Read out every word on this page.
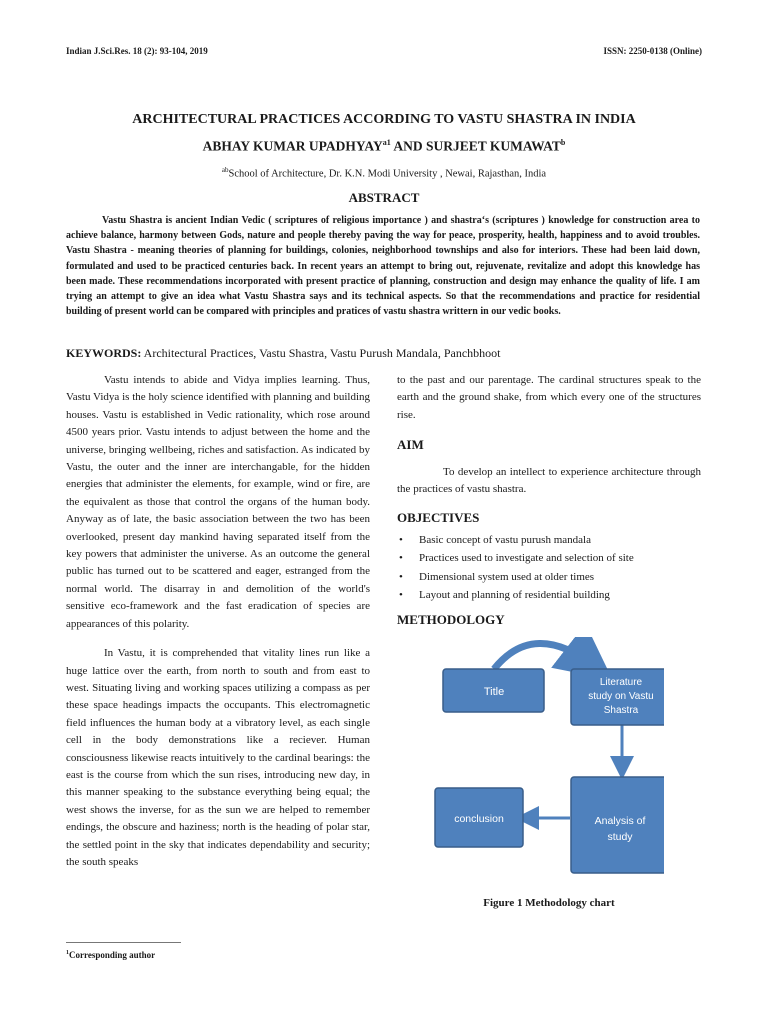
Indian J.Sci.Res. 18 (2): 93-104, 2019	ISSN: 2250-0138 (Online)
ARCHITECTURAL PRACTICES ACCORDING TO VASTU SHASTRA IN INDIA
ABHAY KUMAR $UPADHYAY^{a1}$ AND SURJEET KUMAWAT$^b$
$^{ab}$School of Architecture, Dr. K.N. Modi University , Newai, Rajasthan, India
ABSTRACT

Vastu Shastra is ancient Indian Vedic ( scriptures of religious importance ) and shastra‘s (scriptures ) knowledge for construction area to achieve balance, harmony between Gods, nature and people thereby paving the way for peace, prosperity, health, happiness and to avoid troubles. Vastu Shastra - meaning theories of planning for buildings, colonies, neighborhood townships and also for interiors. These had been laid down, formulated and used to be practiced centuries back. In recent years an attempt to bring out, rejuvenate, revitalize and adopt this knowledge has been made. These recommendations incorporated with present practice of planning, construction and design may enhance the quality of life. I am trying an attempt to give an idea what Vastu Shastra says and its technical aspects. So that the recommendations and practice for residential building of present world can be compared with principles and pratices of vastu shastra writtern in our vedic books.

KEYWORDS: Architectural Practices, Vastu Shastra, Vastu Purush Mandala, Panchbhoot

Vastu intends to abide and Vidya implies learning. Thus, Vastu Vidya is the holy science identified with planning and building houses. Vastu is established in Vedic rationality, which rose around 4500 years prior. Vastu intends to adjust between the home and the universe, bringing wellbeing, riches and satisfaction. As indicated by Vastu, the outer and the inner are interchangable, for the hidden energies that administer the elements, for example, wind or fire, are the equivalent as those that control the organs of the human body. Anyway as of late, the basic association between the two has been overlooked, present day mankind having separated itself from the key powers that administer the universe. As an outcome the general public has turned out to be scattered and eager, estranged from the normal world. The disarray in and demolition of the world's sensitive eco-framework and the fast eradication of species are appearances of this polarity.

In Vastu, it is comprehended that vitality lines run like a huge lattice over the earth, from north to south and from east to west. Situating living and working spaces utilizing a compass as per these space headings impacts the occupants. This electromagnetic field influences the human body at a vibratory level, as each single cell in the body demonstrations like a reciever. Human consciousness likewise reacts intuitively to the cardinal bearings: the east is the course from which the sun rises, introducing new day, in this manner speaking to the substance everything being equal; the west shows the inverse, for as the sun we are helped to remember endings, the obscure and haziness; north is the heading of polar star, the settled point in the sky that indicates dependability and security; the south speaks

to the past and our parentage. The cardinal structures speak to the earth and the ground shake, from which every one of the structures rise.

AIM

To develop an intellect to experience architecture through the practices of vastu shastra.

OBJECTIVES
• Basic concept of vastu purush mandala
• Practices used to investigate and selection of site
• Dimensional system used at older times
• Layout and planning of residential building
METHODOLOGY
Title
Literature
study on Vastu
Shastra
conclusion	Analysis of
study
Figure 1 Methodology chart
$^1$Corresponding author
